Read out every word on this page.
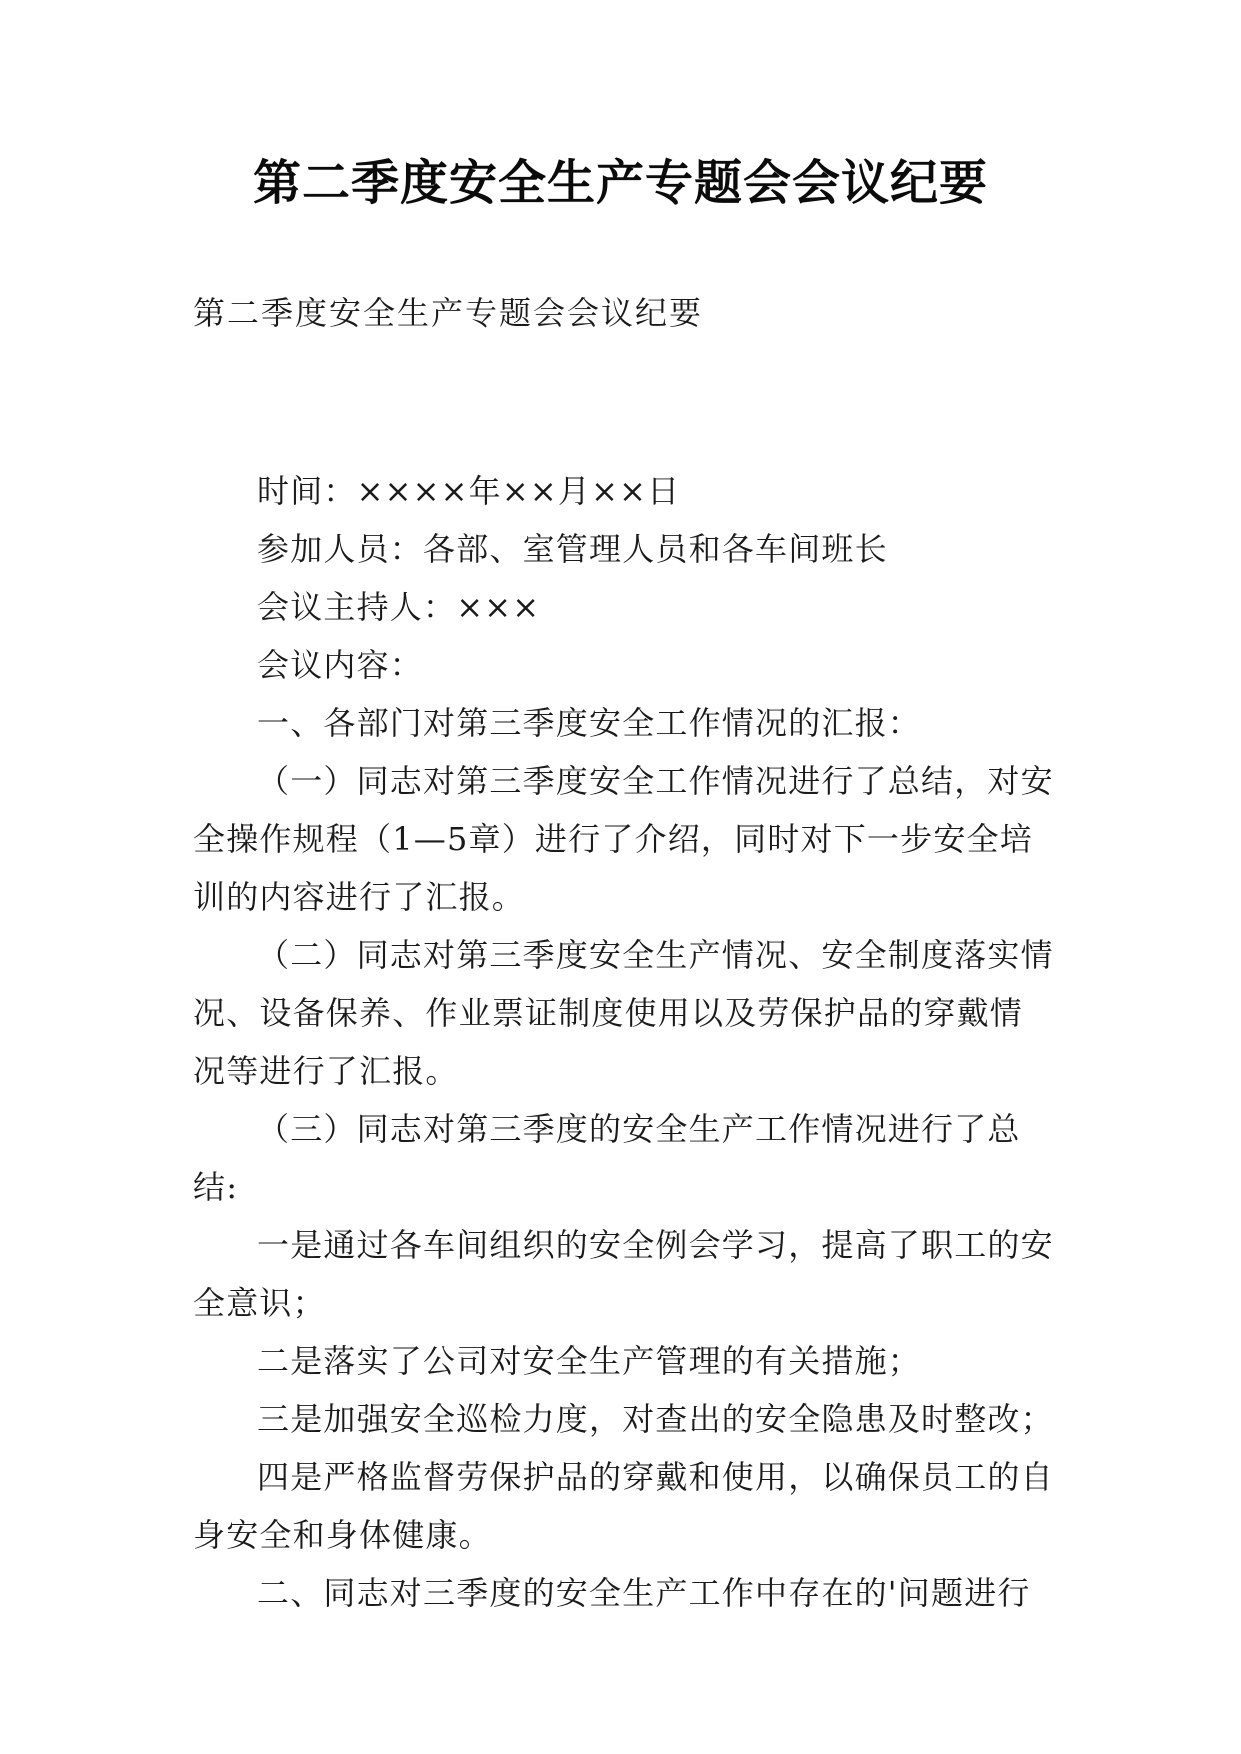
第二季度安全生产专题会会议纪要
第二季度安全生产专题会会议纪要

时间：××××年××月××日

参加人员：各部、室管理人员和各车间班长

会议主持人：×××

会议内容：

一、各部门对第三季度安全工作情况的汇报：

（一）同志对第三季度安全工作情况进行了总结，对安全操作规程（1—5章）进行了介绍，同时对下一步安全培训的内容进行了汇报。

（二）同志对第三季度安全生产情况、安全制度落实情况、设备保养、作业票证制度使用以及劳保护品的穿戴情况等进行了汇报。

（三）同志对第三季度的安全生产工作情况进行了总结:

一是通过各车间组织的安全例会学习，提高了职工的安全意识；

二是落实了公司对安全生产管理的有关措施；

三是加强安全巡检力度，对查出的安全隐患及时整改；

四是严格监督劳保护品的穿戴和使用，以确保员工的自身安全和身体健康。

二、同志对三季度的安全生产工作中存在的'问题进行
